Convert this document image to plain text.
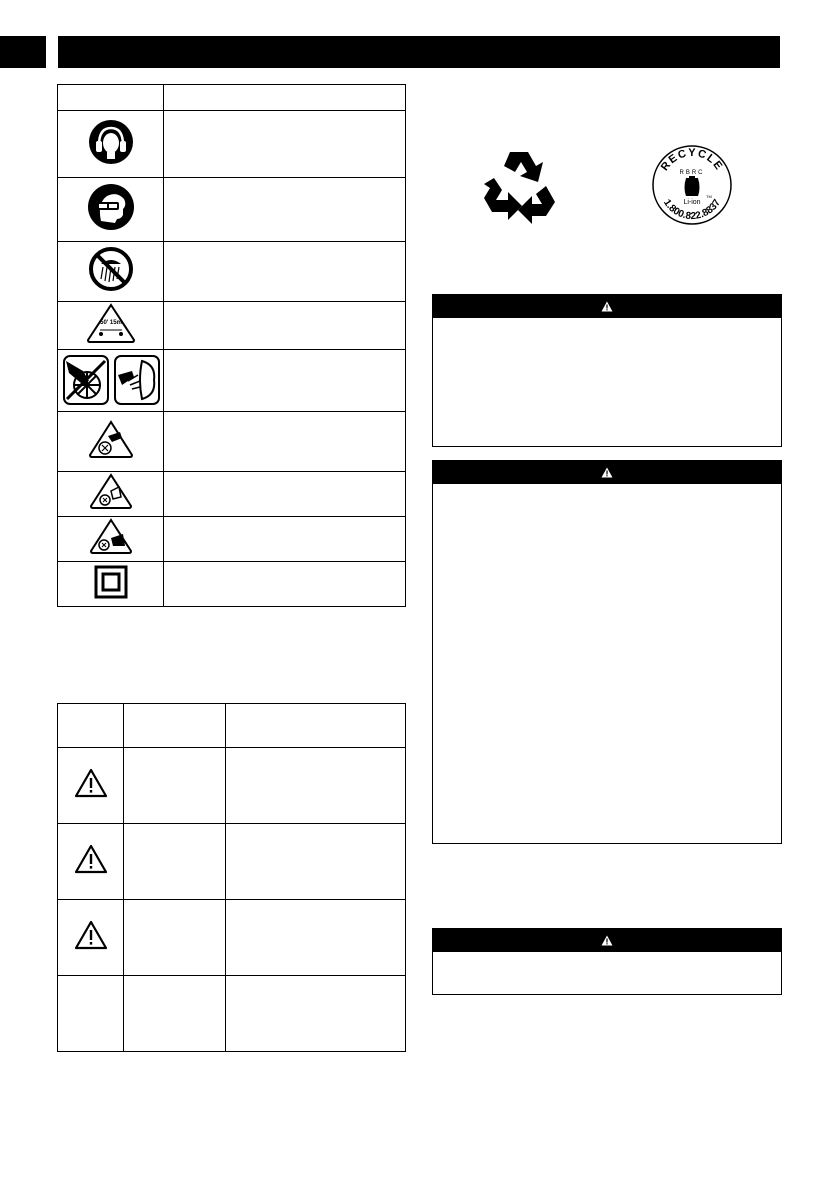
50' 15m
RECYCLE
1.800.822.8837
RBRC
Li-ion
TM
